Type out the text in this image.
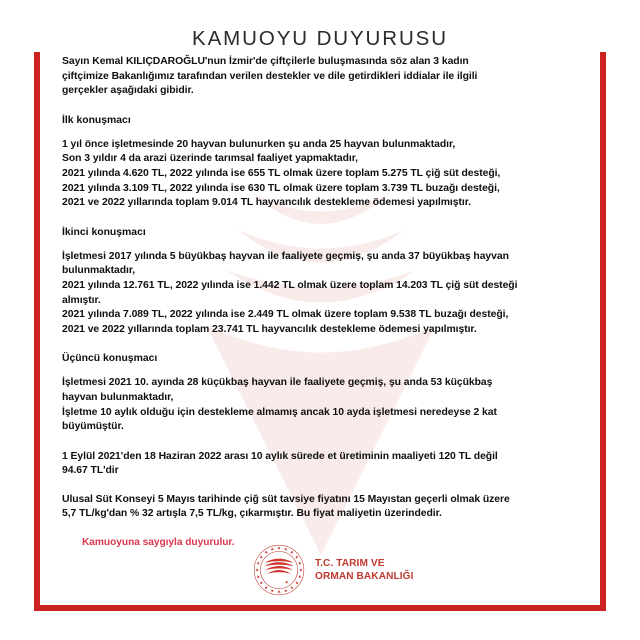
KAMUOYU DUYURUSU

Sayın Kemal KILIÇDAROĞLU'nun İzmir'de çiftçilerle buluşmasında söz alan 3 kadın
çiftçimize Bakanlığımız tarafından verilen destekler ve dile getirdikleri iddialar ile ilgili
gerçekler aşağıdaki gibidir.

İlk konuşmacı

1 yıl önce işletmesinde 20 hayvan bulunurken şu anda 25 hayvan bulunmaktadır,
Son 3 yıldır 4 da arazi üzerinde tarımsal faaliyet yapmaktadır,
2021 yılında 4.620 TL, 2022 yılında ise 655 TL olmak üzere toplam 5.275 TL çiğ süt desteği,
2021 yılında 3.109 TL, 2022 yılında ise 630 TL olmak üzere toplam 3.739 TL buzağı desteği,
2021 ve 2022 yıllarında toplam 9.014 TL hayvancılık destekleme ödemesi yapılmıştır.

İkinci konuşmacı

İşletmesi 2017 yılında 5 büyükbaş hayvan ile faaliyete geçmiş, şu anda 37 büyükbaş hayvan
bulunmaktadır,
2021 yılında 12.761 TL, 2022 yılında ise 1.442 TL olmak üzere toplam 14.203 TL çiğ süt desteği
almıştır.
2021 yılında 7.089 TL, 2022 yılında ise 2.449 TL olmak üzere toplam 9.538 TL buzağı desteği,
2021 ve 2022 yıllarında toplam 23.741 TL hayvancılık destekleme ödemesi yapılmıştır.

Üçüncü konuşmacı

İşletmesi 2021 10. ayında 28 küçükbaş hayvan ile faaliyete geçmiş, şu anda 53 küçükbaş
hayvan bulunmaktadır,
İşletme 10 aylık olduğu için destekleme almamış ancak 10 ayda işletmesi neredeyse 2 kat
büyümüştür.

1 Eylül 2021'den 18 Haziran 2022 arası 10 aylık sürede et üretiminin maaliyeti 120 TL değil
94.67 TL'dir

Ulusal Süt Konseyi 5 Mayıs tarihinde çiğ süt tavsiye fiyatını 15 Mayıstan geçerli olmak üzere
5,7 TL/kg'dan % 32 artışla 7,5 TL/kg, çıkarmıştır. Bu fiyat maliyetin üzerindedir.

Kamuoyuna saygıyla duyurulur.
T.C. TARIM VE
ORMAN BAKANLIĞI
